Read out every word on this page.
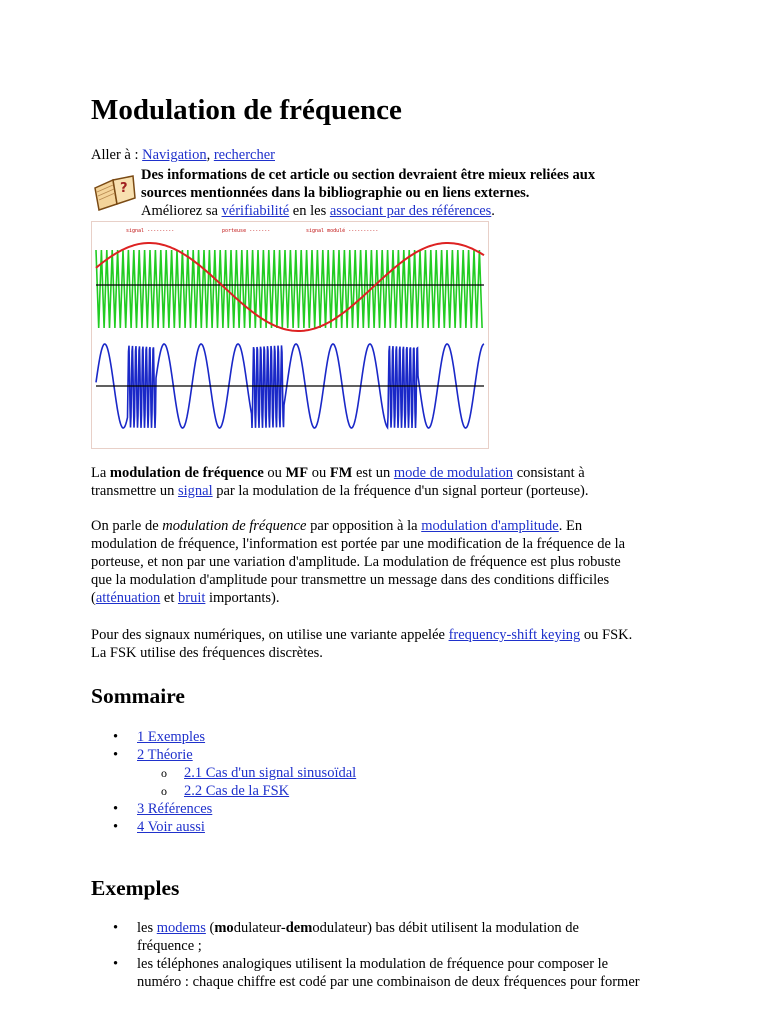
Modulation de fréquence
Aller à : Navigation, rechercher
?
Des informations de cet article ou section devraient être mieux reliées aux
sources mentionnées dans la bibliographie ou en liens externes.
Améliorez sa vérifiabilité en les associant par des références.
signal ---------	porteuse -------	signal modulé ----------
La modulation de fréquence ou MF ou FM est un mode de modulation consistant à
transmettre un signal par la modulation de la fréquence d'un signal porteur (porteuse).
On parle de modulation de fréquence par opposition à la modulation d'amplitude. En
modulation de fréquence, l'information est portée par une modification de la fréquence de la
porteuse, et non par une variation d'amplitude. La modulation de fréquence est plus robuste
que la modulation d'amplitude pour transmettre un message dans des conditions difficiles
(atténuation et bruit importants).
Pour des signaux numériques, on utilise une variante appelée frequency-shift keying ou FSK.
La FSK utilise des fréquences discrètes.
Sommaire
• 1 Exemples
• 2 Théorie
o 2.1 Cas d'un signal sinusoïdal
o 2.2 Cas de la FSK
• 3 Références
• 4 Voir aussi
Exemples
• les modems (modulateur-demodulateur) bas débit utilisent la modulation de
fréquence ;
• les téléphones analogiques utilisent la modulation de fréquence pour composer le
numéro : chaque chiffre est codé par une combinaison de deux fréquences pour former
